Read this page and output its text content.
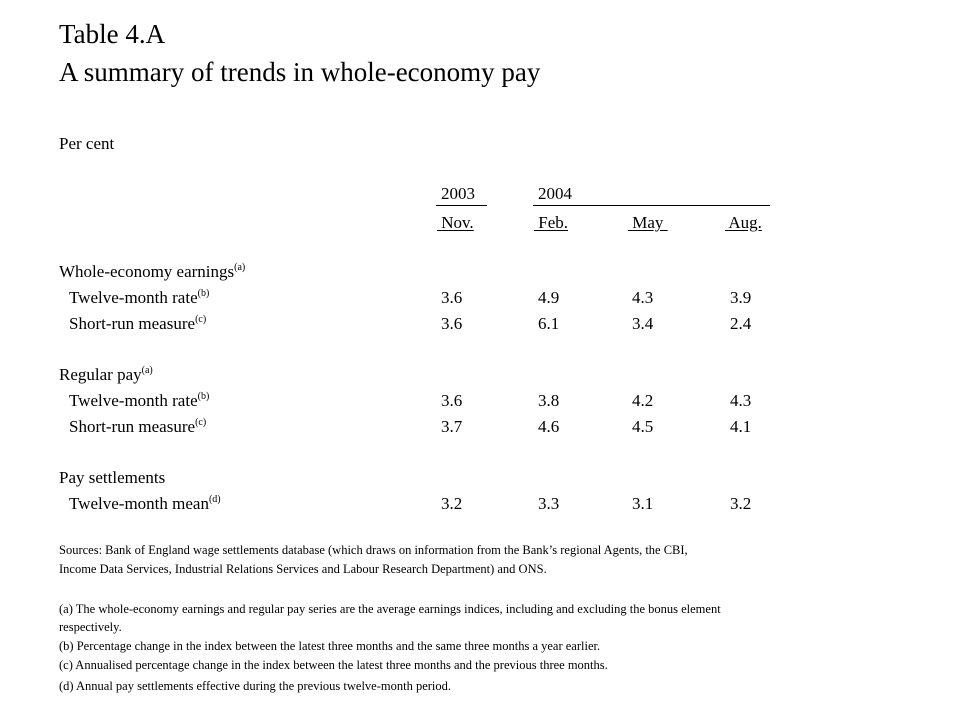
Table 4.A
A summary of trends in whole-economy pay
Per cent
2003	2004
Nov.	Feb.	May	Aug.
Whole-economy earnings$^{(a)}$
Twelve-month rate$^{(b)}$	3.6	4.9	4.3	3.9
Short-run measure$^{(c)}$	3.6	6.1	3.4	2.4
Regular pay$^{(a)}$
Twelve-month rate$^{(b)}$	3.6	3.8	4.2	4.3
Short-run measure$^{(c)}$	3.7	4.6	4.5	4.1
Pay settlements
Twelve-month mean$^{(d)}$	3.2	3.3	3.1	3.2
Sources: Bank of England wage settlements database (which draws on information from the Bank’s regional Agents, the CBI,
Income Data Services, Industrial Relations Services and Labour Research Department) and ONS.
(a) The whole-economy earnings and regular pay series are the average earnings indices, including and excluding the bonus element
respectively.
(b) Percentage change in the index between the latest three months and the same three months a year earlier.
(c) Annualised percentage change in the index between the latest three months and the previous three months.
(d) Annual pay settlements effective during the previous twelve-month period.
